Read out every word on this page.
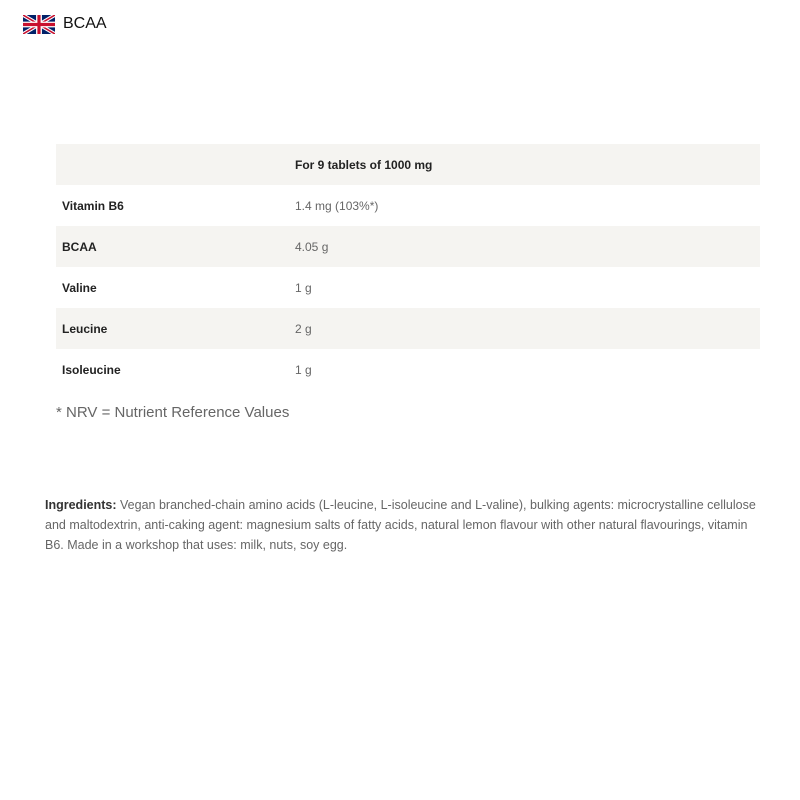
BCAA
	For 9 tablets of 1000 mg
Vitamin B6	1.4 mg (103%*)
BCAA	4.05 g
Valine	1 g
Leucine	2 g
Isoleucine	1 g
* NRV = Nutrient Reference Values
Ingredients: Vegan branched-chain amino acids (L-leucine, L-isoleucine and L-valine), bulking agents: microcrystalline cellulose and maltodextrin, anti-caking agent: magnesium salts of fatty acids, natural lemon flavour with other natural flavourings, vitamin B6. Made in a workshop that uses: milk, nuts, soy egg.
